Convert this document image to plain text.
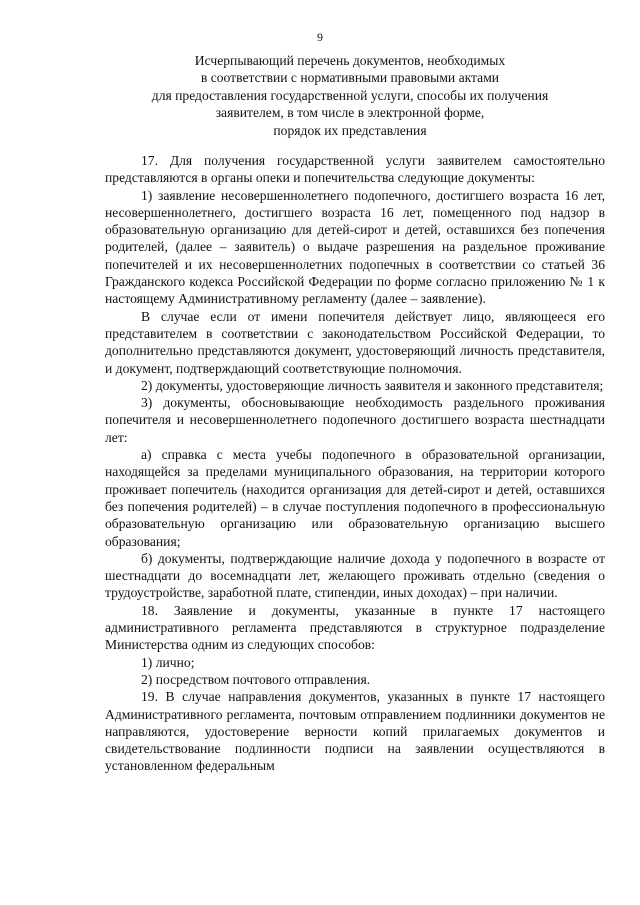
9
Исчерпывающий перечень документов, необходимых
в соответствии с нормативными правовыми актами
для предоставления государственной услуги, способы их получения
заявителем, в том числе в электронной форме,
порядок их представления

17. Для получения государственной услуги заявителем самостоятельно представляются в органы опеки и попечительства следующие документы:

1) заявление несовершеннолетнего подопечного, достигшего возраста 16 лет, несовершеннолетнего, достигшего возраста 16 лет, помещенного под надзор в образовательную организацию для детей-сирот и детей, оставшихся без попечения родителей, (далее – заявитель) о выдаче разрешения на раздельное проживание попечителей и их несовершеннолетних подопечных в соответствии со статьей 36 Гражданского кодекса Российской Федерации по форме согласно приложению № 1 к настоящему Административному регламенту (далее – заявление).

В случае если от имени попечителя действует лицо, являющееся его представителем в соответствии с законодательством Российской Федерации, то дополнительно представляются документ, удостоверяющий личность представителя, и документ, подтверждающий соответствующие полномочия.

2) документы, удостоверяющие личность заявителя и законного представителя;

3) документы, обосновывающие необходимость раздельного проживания попечителя и несовершеннолетнего подопечного достигшего возраста шестнадцати лет:

а) справка с места учебы подопечного в образовательной организации, находящейся за пределами муниципального образования, на территории которого проживает попечитель (находится организация для детей-сирот и детей, оставшихся без попечения родителей) – в случае поступления подопечного в профессиональную образовательную организацию или образовательную организацию высшего образования;

б) документы, подтверждающие наличие дохода у подопечного в возрасте от шестнадцати до восемнадцати лет, желающего проживать отдельно (сведения о трудоустройстве, заработной плате, стипендии, иных доходах) – при наличии.

18. Заявление и документы, указанные в пункте 17 настоящего административного регламента представляются в структурное подразделение Министерства одним из следующих способов:

1) лично;

2) посредством почтового отправления.

19. В случае направления документов, указанных в пункте 17 настоящего Административного регламента, почтовым отправлением подлинники документов не направляются, удостоверение верности копий прилагаемых документов и свидетельствование подлинности подписи на заявлении осуществляются в установленном федеральным
